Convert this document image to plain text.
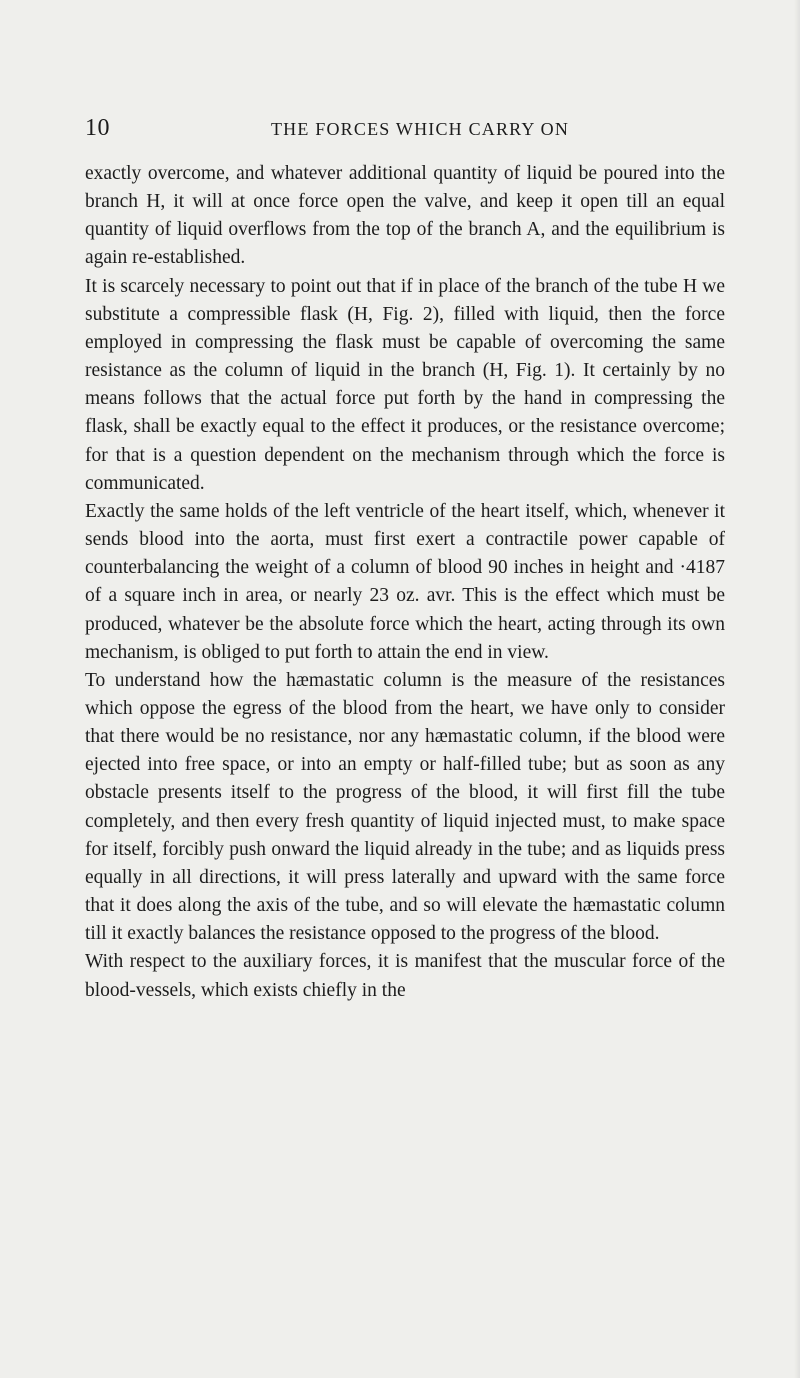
10	THE FORCES WHICH CARRY ON

exactly overcome, and whatever additional quantity of liquid be poured into the branch H, it will at once force open the valve, and keep it open till an equal quantity of liquid overflows from the top of the branch A, and the equilibrium is again re-established.

It is scarcely necessary to point out that if in place of the branch of the tube H we substitute a compressible flask (H, Fig. 2), filled with liquid, then the force employed in compressing the flask must be capable of overcoming the same resistance as the column of liquid in the branch (H, Fig. 1). It certainly by no means follows that the actual force put forth by the hand in compressing the flask, shall be exactly equal to the effect it produces, or the resistance overcome; for that is a question dependent on the mechanism through which the force is communicated.

Exactly the same holds of the left ventricle of the heart itself, which, whenever it sends blood into the aorta, must first exert a contractile power capable of counterbalancing the weight of a column of blood 90 inches in height and ·4187 of a square inch in area, or nearly 23 oz. avr. This is the effect which must be produced, whatever be the absolute force which the heart, acting through its own mechanism, is obliged to put forth to attain the end in view.

To understand how the hæmastatic column is the measure of the resistances which oppose the egress of the blood from the heart, we have only to consider that there would be no resistance, nor any hæmastatic column, if the blood were ejected into free space, or into an empty or half-filled tube; but as soon as any obstacle presents itself to the progress of the blood, it will first fill the tube completely, and then every fresh quantity of liquid injected must, to make space for itself, forcibly push onward the liquid already in the tube; and as liquids press equally in all directions, it will press laterally and upward with the same force that it does along the axis of the tube, and so will elevate the hæmastatic column till it exactly balances the resistance opposed to the progress of the blood.

With respect to the auxiliary forces, it is manifest that the muscular force of the blood-vessels, which exists chiefly in the
